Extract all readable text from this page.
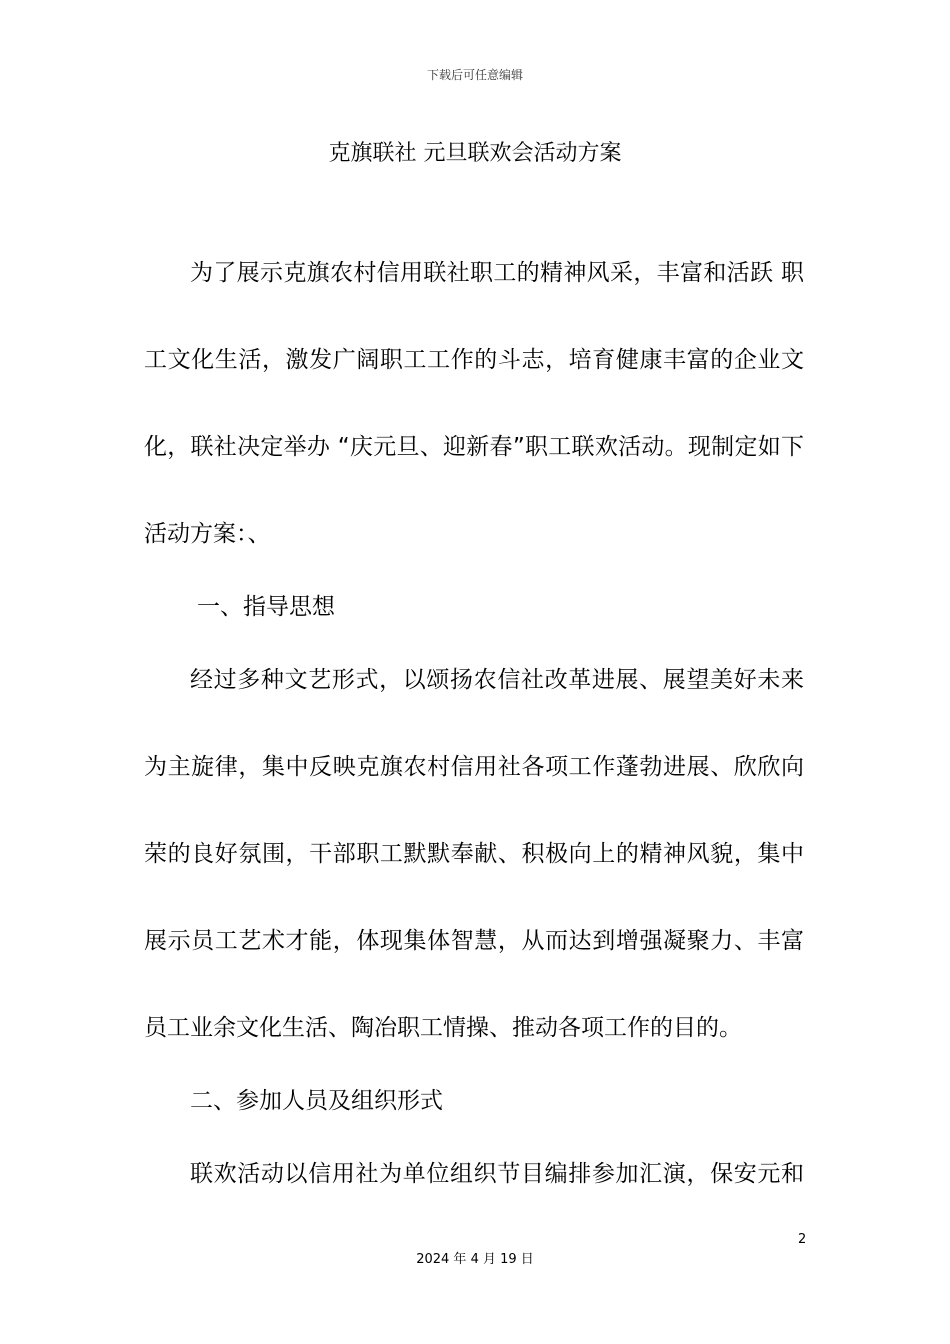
下载后可任意编辑
克旗联社 元旦联欢会活动方案
为了展示克旗农村信用联社职工的精神风采，丰富和活跃 职
工文化生活，激发广阔职工工作的斗志，培育健康丰富的企业文
化，联社决定举办 “庆元旦、迎新春”职工联欢活动。现制定如下
活动方案：、
一、指导思想
经过多种文艺形式，以颂扬农信社改革进展、展望美好未来
为主旋律，集中反映克旗农村信用社各项工作蓬勃进展、欣欣向
荣的良好氛围，干部职工默默奉献、积极向上的精神风貌，集中
展示员工艺术才能，体现集体智慧，从而达到增强凝聚力、丰富
员工业余文化生活、陶冶职工情操、推动各项工作的目的。
二、参加人员及组织形式
联欢活动以信用社为单位组织节目编排参加汇演，保安元和
2
2024 年 4 月 19 日
